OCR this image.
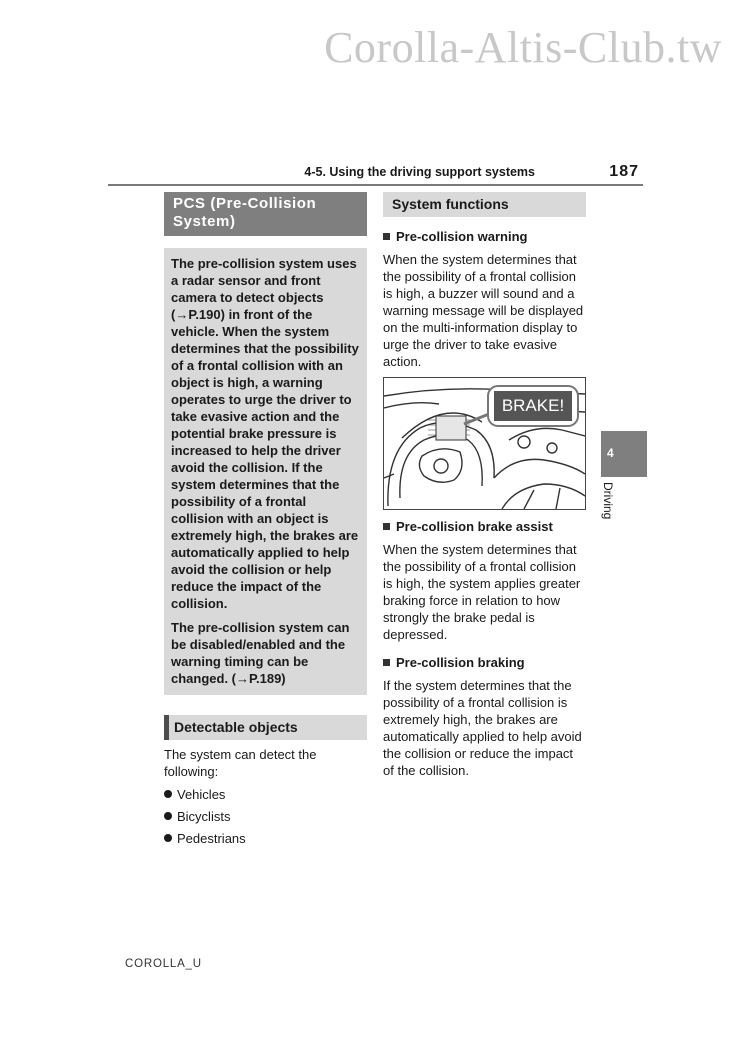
Corolla-Altis-Club.tw
4-5. Using the driving support systems	187
PCS (Pre-Collision System)

The pre-collision system uses a radar sensor and front camera to detect objects (→P.190) in front of the vehicle. When the system determines that the possibility of a frontal collision with an object is high, a warning operates to urge the driver to take evasive action and the potential brake pressure is increased to help the driver avoid the collision. If the system determines that the possibility of a frontal collision with an object is extremely high, the brakes are automatically applied to help avoid the collision or help reduce the impact of the collision.

The pre-collision system can be disabled/enabled and the warning timing can be changed. (→P.189)

Detectable objects

The system can detect the following:

Vehicles
Bicyclists
Pedestrians
System functions
Pre-collision warning

When the system determines that the possibility of a frontal collision is high, a buzzer will sound and a warning message will be displayed on the multi-information display to urge the driver to take evasive action.

BRAKE!
Pre-collision brake assist

When the system determines that the possibility of a frontal collision is high, the system applies greater braking force in relation to how strongly the brake pedal is depressed.

Pre-collision braking

If the system determines that the possibility of a frontal collision is extremely high, the brakes are automatically applied to help avoid the collision or reduce the impact of the collision.

4
Driving
COROLLA_U
